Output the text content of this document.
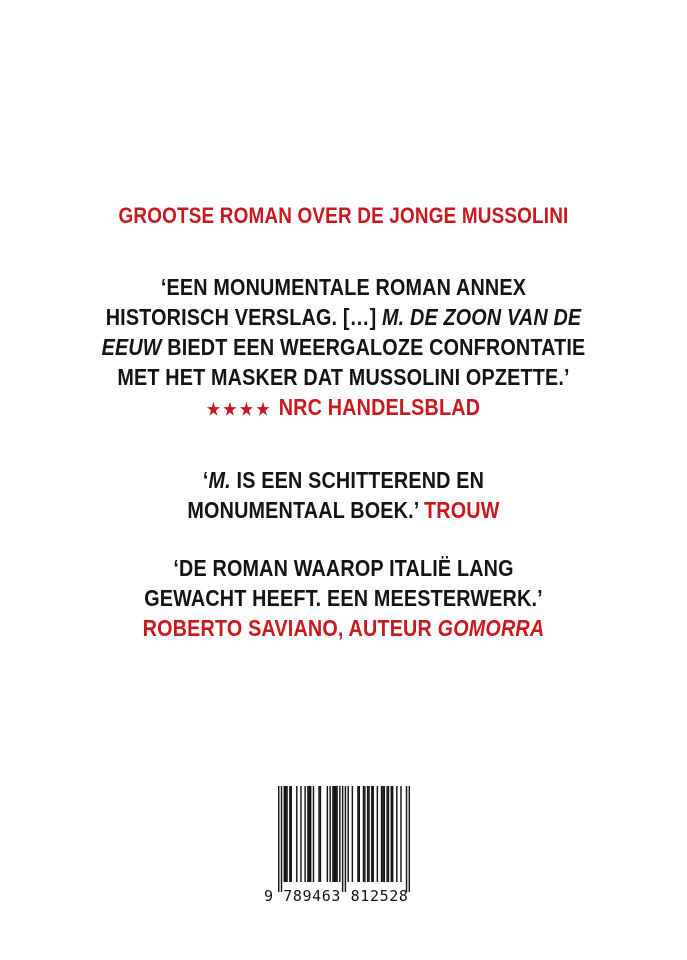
GROOTSE ROMAN OVER DE JONGE MUSSOLINI
‘EEN MONUMENTALE ROMAN ANNEX
HISTORISCH VERSLAG. […] M. DE ZOON VAN DE
EEUW BIEDT EEN WEERGALOZE CONFRONTATIE
MET HET MASKER DAT MUSSOLINI OPZETTE.’
★★★★ NRC HANDELSBLAD
‘M. IS EEN SCHITTEREND EN
MONUMENTAAL BOEK.’ TROUW
‘DE ROMAN WAAROP ITALIË LANG
GEWACHT HEEFT. EEN MEESTERWERK.’
ROBERTO SAVIANO, AUTEUR GOMORRA
9 789463 812528
